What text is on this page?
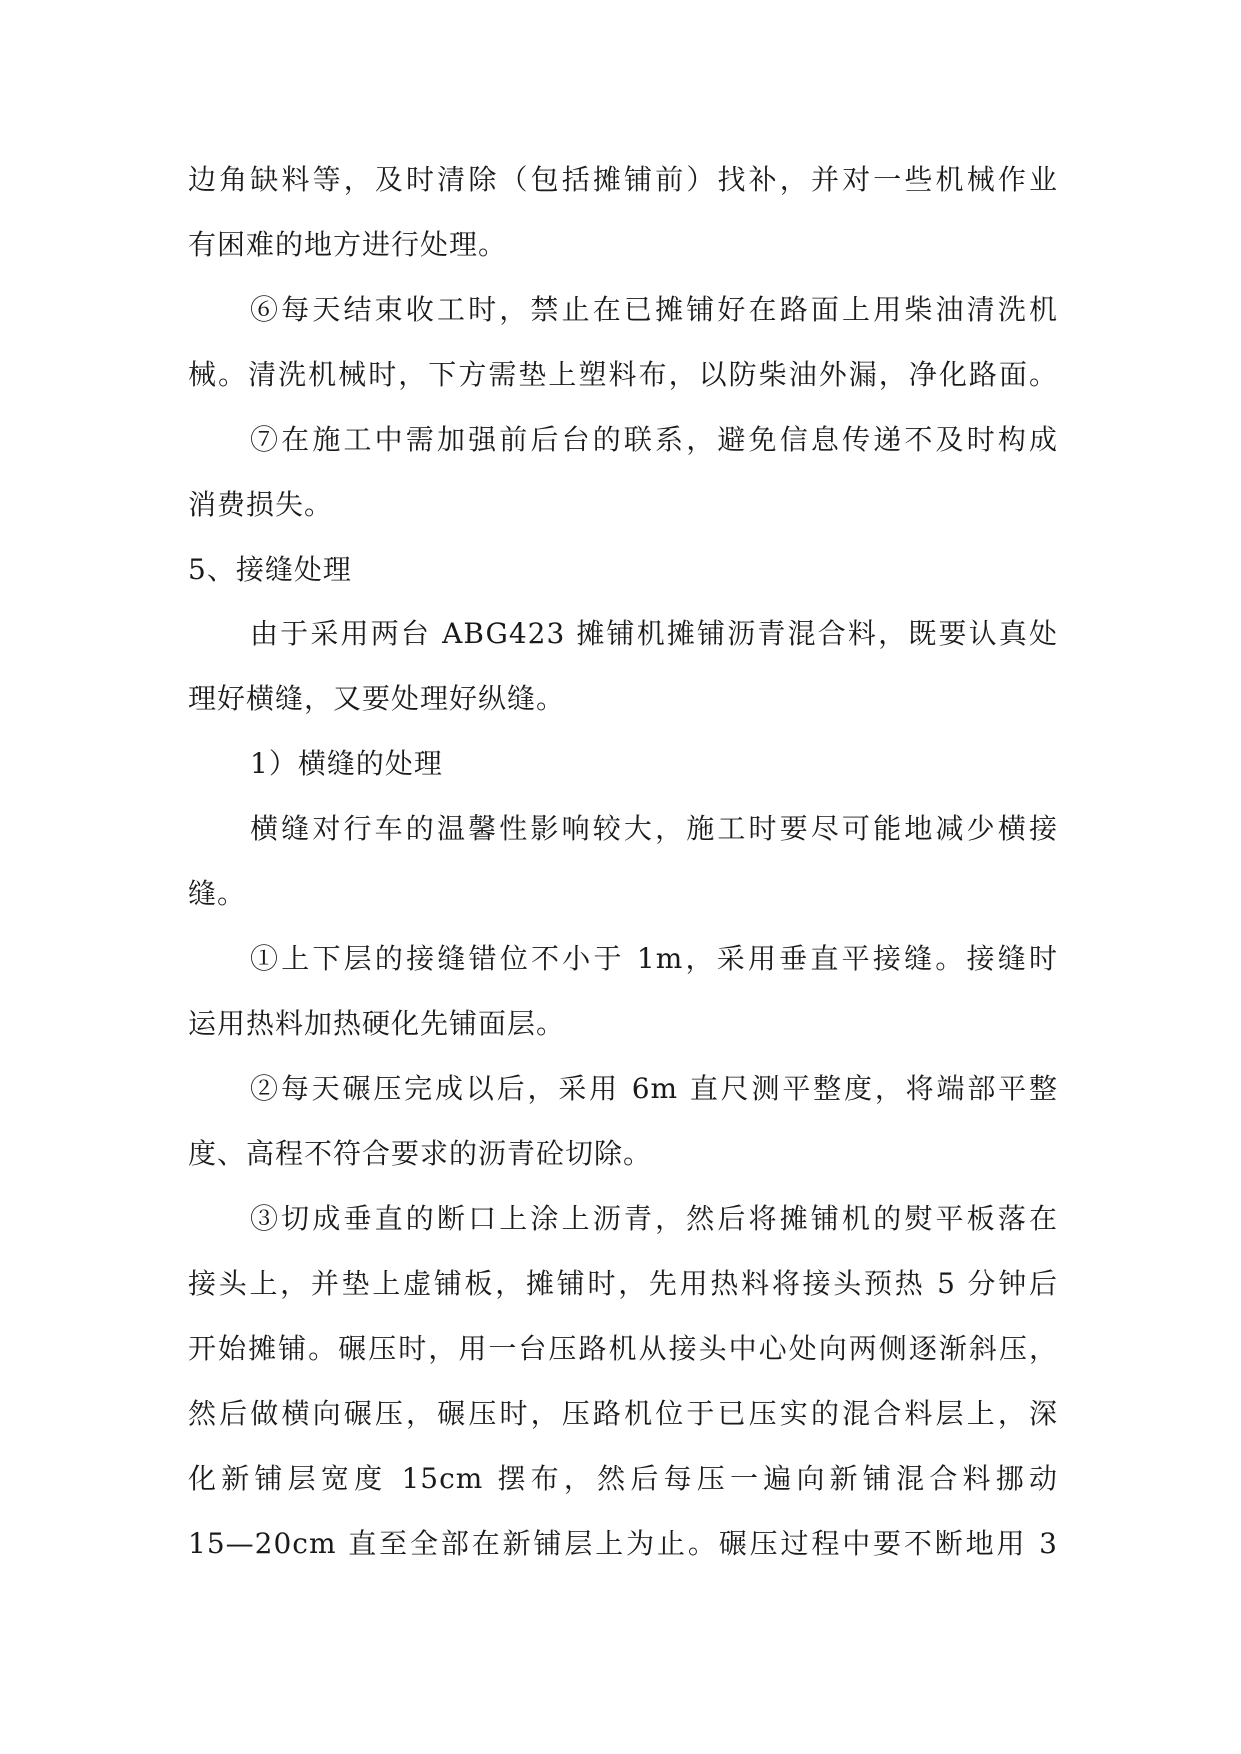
边角缺料等，及时清除（包括摊铺前）找补，并对一些机械作业
有困难的地方进行处理。
⑥每天结束收工时，禁止在已摊铺好在路面上用柴油清洗机
械。清洗机械时，下方需垫上塑料布，以防柴油外漏，净化路面。
⑦在施工中需加强前后台的联系，避免信息传递不及时构成
消费损失。
5、接缝处理
由于采用两台 ABG423 摊铺机摊铺沥青混合料，既要认真处
理好横缝，又要处理好纵缝。
1）横缝的处理
横缝对行车的温馨性影响较大，施工时要尽可能地减少横接
缝。
①上下层的接缝错位不小于 1m，采用垂直平接缝。接缝时
运用热料加热硬化先铺面层。
②每天碾压完成以后，采用 6m 直尺测平整度，将端部平整
度、高程不符合要求的沥青砼切除。
③切成垂直的断口上涂上沥青，然后将摊铺机的熨平板落在
接头上，并垫上虚铺板，摊铺时，先用热料将接头预热 5 分钟后
开始摊铺。碾压时，用一台压路机从接头中心处向两侧逐渐斜压，
然后做横向碾压，碾压时，压路机位于已压实的混合料层上，深
化新铺层宽度 15cm 摆布，然后每压一遍向新铺混合料挪动
15—20cm 直至全部在新铺层上为止。碾压过程中要不断地用 3
